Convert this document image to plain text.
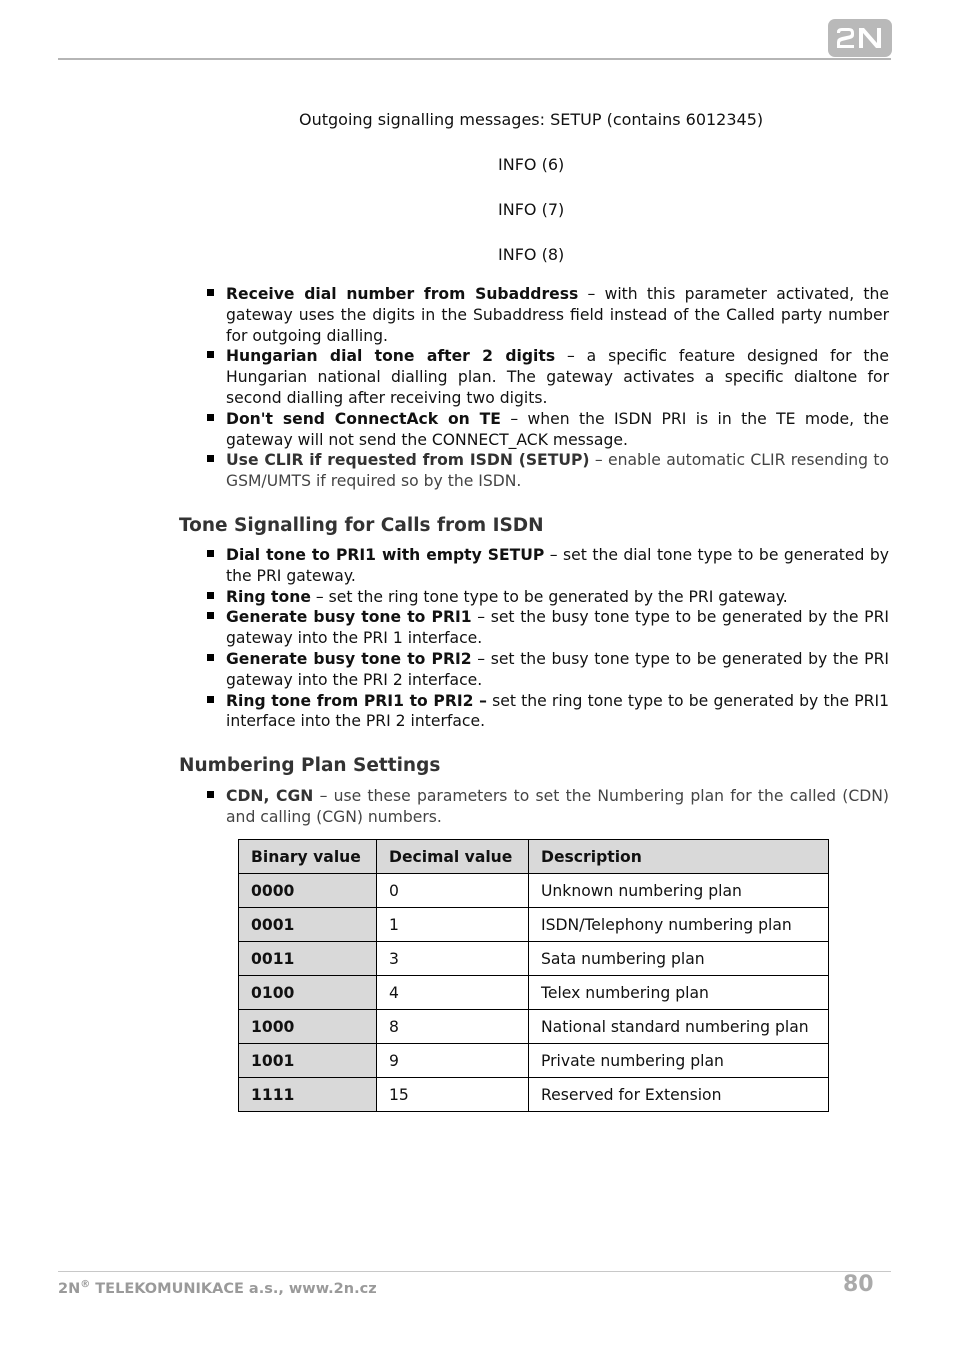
Outgoing signalling messages: SETUP (contains 6012345)
INFO (6)
INFO (7)
INFO (8)
Receive dial number from Subaddress – with this parameter activated, the gateway uses the digits in the Subaddress field instead of the Called party number for outgoing dialling.
Hungarian dial tone after 2 digits – a specific feature designed for the Hungarian national dialling plan. The gateway activates a specific dialtone for second dialling after receiving two digits.
Don't send ConnectAck on TE – when the ISDN PRI is in the TE mode, the gateway will not send the CONNECT_ACK message.
Use CLIR if requested from ISDN (SETUP) – enable automatic CLIR resending to GSM/UMTS if required so by the ISDN.
Tone Signalling for Calls from ISDN
Dial tone to PRI1 with empty SETUP – set the dial tone type to be generated by the PRI gateway.
Ring tone – set the ring tone type to be generated by the PRI gateway.
Generate busy tone to PRI1 – set the busy tone type to be generated by the PRI gateway into the PRI 1 interface.
Generate busy tone to PRI2 – set the busy tone type to be generated by the PRI gateway into the PRI 2 interface.
Ring tone from PRI1 to PRI2 – set the ring tone type to be generated by the PRI1 interface into the PRI 2 interface.
Numbering Plan Settings
CDN, CGN – use these parameters to set the Numbering plan for the called (CDN) and calling (CGN) numbers.
Binary value	Decimal value	Description
0000	0	Unknown numbering plan
0001	1	ISDN/Telephony numbering plan
0011	3	Sata numbering plan
0100	4	Telex numbering plan
1000	8	National standard numbering plan
1001	9	Private numbering plan
1111	15	Reserved for Extension
2N® TELEKOMUNIKACE a.s., www.2n.cz	80
